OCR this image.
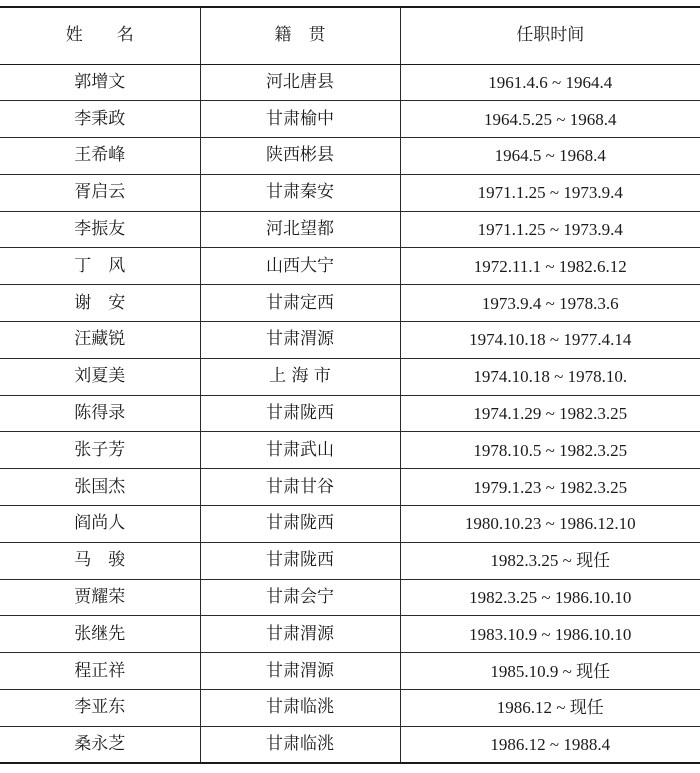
姓　　名	籍　贯	任职时间
郭增文	河北唐县	1961.4.6 ~ 1964.4
李秉政	甘肃榆中	1964.5.25 ~ 1968.4
王希峰	陕西彬县	1964.5 ~ 1968.4
胥启云	甘肃秦安	1971.1.25 ~ 1973.9.4
李振友	河北望都	1971.1.25 ~ 1973.9.4
丁　风	山西大宁	1972.11.1 ~ 1982.6.12
谢　安	甘肃定西	1973.9.4 ~ 1978.3.6
汪藏锐	甘肃渭源	1974.10.18 ~ 1977.4.14
刘夏美	上 海 市	1974.10.18 ~ 1978.10.
陈得录	甘肃陇西	1974.1.29 ~ 1982.3.25
张子芳	甘肃武山	1978.10.5 ~ 1982.3.25
张国杰	甘肃甘谷	1979.1.23 ~ 1982.3.25
阎尚人	甘肃陇西	1980.10.23 ~ 1986.12.10
马　骏	甘肃陇西	1982.3.25 ~ 现任
贾耀荣	甘肃会宁	1982.3.25 ~ 1986.10.10
张继先	甘肃渭源	1983.10.9 ~ 1986.10.10
程正祥	甘肃渭源	1985.10.9 ~ 现任
李亚东	甘肃临洮	1986.12 ~ 现任
桑永芝	甘肃临洮	1986.12 ~ 1988.4
